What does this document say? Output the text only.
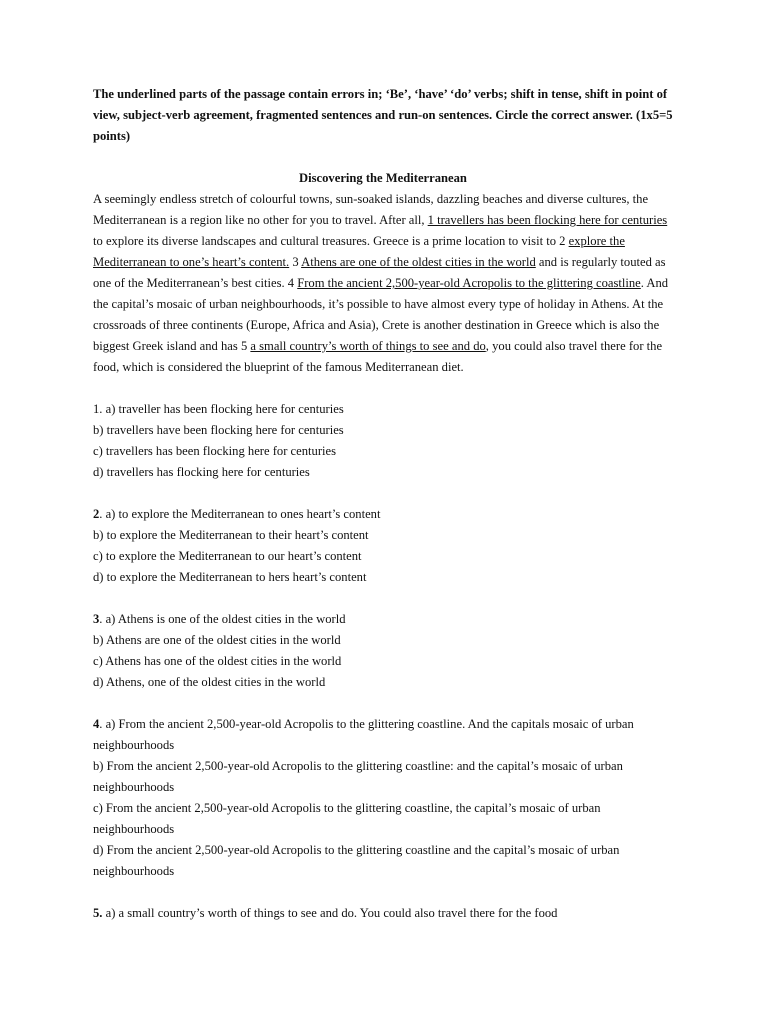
The underlined parts of the passage contain errors in; ‘Be’, ‘have’ ‘do’ verbs; shift in tense, shift in point of view, subject-verb agreement, fragmented sentences and run-on sentences. Circle the correct answer. (1x5=5 points)

Discovering the Mediterranean

A seemingly endless stretch of colourful towns, sun-soaked islands, dazzling beaches and diverse cultures, the Mediterranean is a region like no other for you to travel. After all, 1 travellers has been flocking here for centuries to explore its diverse landscapes and cultural treasures. Greece is a prime location to visit to 2 explore the Mediterranean to one’s heart’s content. 3 Athens are one of the oldest cities in the world and is regularly touted as one of the Mediterranean’s best cities. 4 From the ancient 2,500-year-old Acropolis to the glittering coastline. And the capital’s mosaic of urban neighbourhoods, it’s possible to have almost every type of holiday in Athens. At the crossroads of three continents (Europe, Africa and Asia), Crete is another destination in Greece which is also the biggest Greek island and has 5 a small country’s worth of things to see and do, you could also travel there for the food, which is considered the blueprint of the famous Mediterranean diet.

1. a) traveller has been flocking here for centuries

b) travellers have been flocking here for centuries

c) travellers has been flocking here for centuries

d) travellers has flocking here for centuries

2. a) to explore the Mediterranean to ones heart’s content

b) to explore the Mediterranean to their heart’s content

c) to explore the Mediterranean to our heart’s content

d) to explore the Mediterranean to hers heart’s content

3. a) Athens is one of the oldest cities in the world

b) Athens are one of the oldest cities in the world

c) Athens has one of the oldest cities in the world

d) Athens, one of the oldest cities in the world

4. a) From the ancient 2,500-year-old Acropolis to the glittering coastline. And the capitals mosaic of urban neighbourhoods

b) From the ancient 2,500-year-old Acropolis to the glittering coastline: and the capital’s mosaic of urban neighbourhoods

c) From the ancient 2,500-year-old Acropolis to the glittering coastline, the capital’s mosaic of urban neighbourhoods

d) From the ancient 2,500-year-old Acropolis to the glittering coastline and the capital’s mosaic of urban neighbourhoods

5. a) a small country’s worth of things to see and do. You could also travel there for the food
